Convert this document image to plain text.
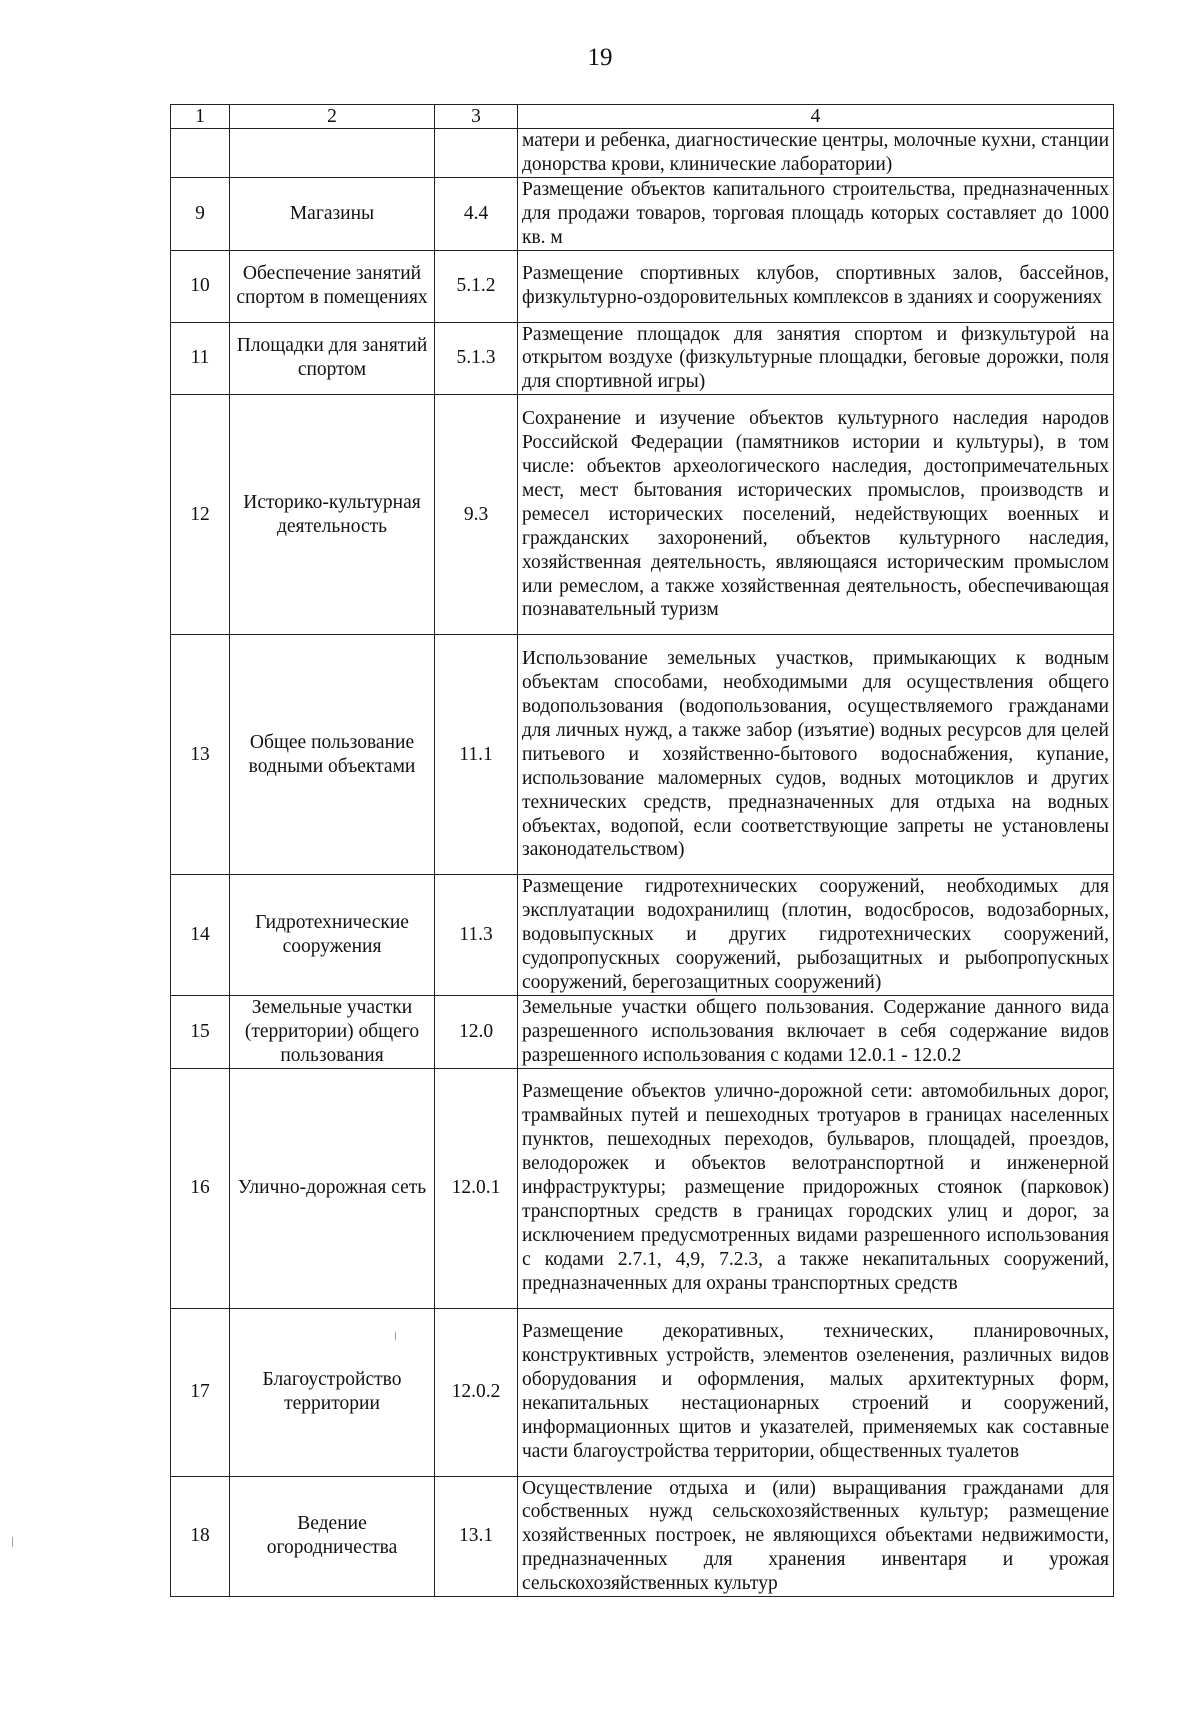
19
1	2	3	4
			матери и ребенка, диагностические центры, молочные кухни, станции донорства крови, клинические лаборатории)
9	Магазины	4.4	Размещение объектов капитального строительства, предназначенных для продажи товаров, торговая площадь которых составляет до 1000 кв. м
10	Обеспечение занятий спортом в помещениях	5.1.2	Размещение спортивных клубов, спортивных залов, бассейнов, физкультурно-оздоровительных комплексов в зданиях и сооружениях
11	Площадки для занятий спортом	5.1.3	Размещение площадок для занятия спортом и физкультурой на открытом воздухе (физкультурные площадки, беговые дорожки, поля для спортивной игры)
12	Историко-культурная деятельность	9.3	Сохранение и изучение объектов культурного наследия народов Российской Федерации (памятников истории и культуры), в том числе: объектов археологического наследия, достопримечательных мест, мест бытования исторических промыслов, производств и ремесел исторических поселений, недействующих военных и гражданских захоронений, объектов культурного наследия, хозяйственная деятельность, являющаяся историческим промыслом или ремеслом, а также хозяйственная деятельность, обеспечивающая познавательный туризм
13	Общее пользование водными объектами	11.1	Использование земельных участков, примыкающих к водным объектам способами, необходимыми для осуществления общего водопользования (водопользования, осуществляемого гражданами для личных нужд, а также забор (изъятие) водных ресурсов для целей питьевого и хозяйственно-бытового водоснабжения, купание, использование маломерных судов, водных мотоциклов и других технических средств, предназначенных для отдыха на водных объектах, водопой, если соответствующие запреты не установлены законодательством)
14	Гидротехнические сооружения	11.3	Размещение гидротехнических сооружений, необходимых для эксплуатации водохранилищ (плотин, водосбросов, водозаборных, водовыпускных и других гидротехнических сооружений, судопропускных сооружений, рыбозащитных и рыбопропускных сооружений, берегозащитных сооружений)
15	Земельные участки (территории) общего пользования	12.0	Земельные участки общего пользования. Содержание данного вида разрешенного использования включает в себя содержание видов разрешенного использования с кодами 12.0.1 - 12.0.2
16	Улично-дорожная сеть	12.0.1	Размещение объектов улично-дорожной сети: автомобильных дорог, трамвайных путей и пешеходных тротуаров в границах населенных пунктов, пешеходных переходов, бульваров, площадей, проездов, велодорожек и объектов велотранспортной и инженерной инфраструктуры; размещение придорожных стоянок (парковок) транспортных средств в границах городских улиц и дорог, за исключением предусмотренных видами разрешенного использования с кодами 2.7.1, 4,9, 7.2.3, а также некапитальных сооружений, предназначенных для охраны транспортных средств
17	Благоустройство территории	12.0.2	Размещение декоративных, технических, планировочных, конструктивных устройств, элементов озеленения, различных видов оборудования и оформления, малых архитектурных форм, некапитальных нестационарных строений и сооружений, информационных щитов и указателей, применяемых как составные части благоустройства территории, общественных туалетов
18	Ведение огородничества	13.1	Осуществление отдыха и (или) выращивания гражданами для собственных нужд сельскохозяйственных культур; размещение хозяйственных построек, не являющихся объектами недвижимости, предназначенных для хранения инвентаря и урожая сельскохозяйственных культур
